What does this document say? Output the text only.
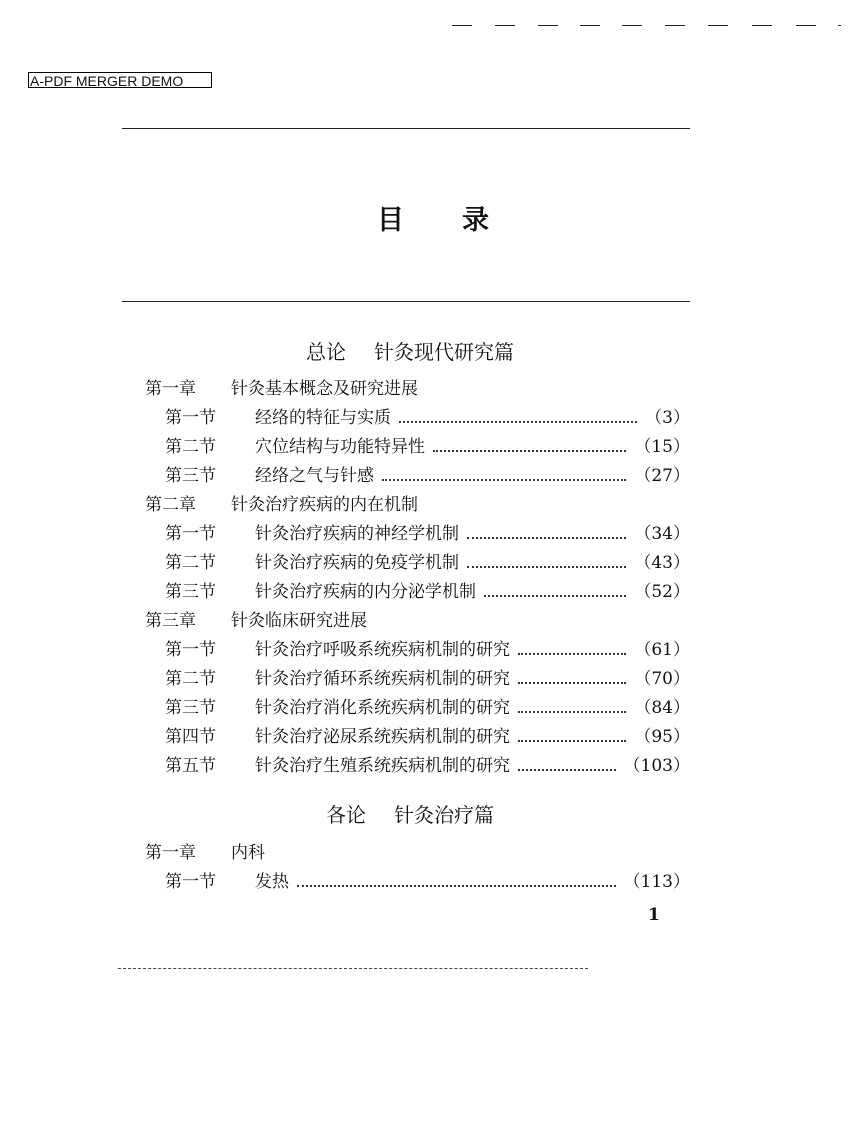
A-PDF MERGER DEMO
目录
总论 针灸现代研究篇
各论 针灸治疗篇
第一章	针灸基本概念及研究进展
第一节	经络的特征与实质	（3）
第二节	穴位结构与功能特异性	（15）
第三节	经络之气与针感	（27）
第二章	针灸治疗疾病的内在机制
第一节	针灸治疗疾病的神经学机制	（34）
第二节	针灸治疗疾病的免疫学机制	（43）
第三节	针灸治疗疾病的内分泌学机制	（52）
第三章	针灸临床研究进展
第一节	针灸治疗呼吸系统疾病机制的研究	（61）
第二节	针灸治疗循环系统疾病机制的研究	（70）
第三节	针灸治疗消化系统疾病机制的研究	（84）
第四节	针灸治疗泌尿系统疾病机制的研究	（95）
第五节	针灸治疗生殖系统疾病机制的研究	（103）
第一章	内科
第一节	发热	（113）
1
